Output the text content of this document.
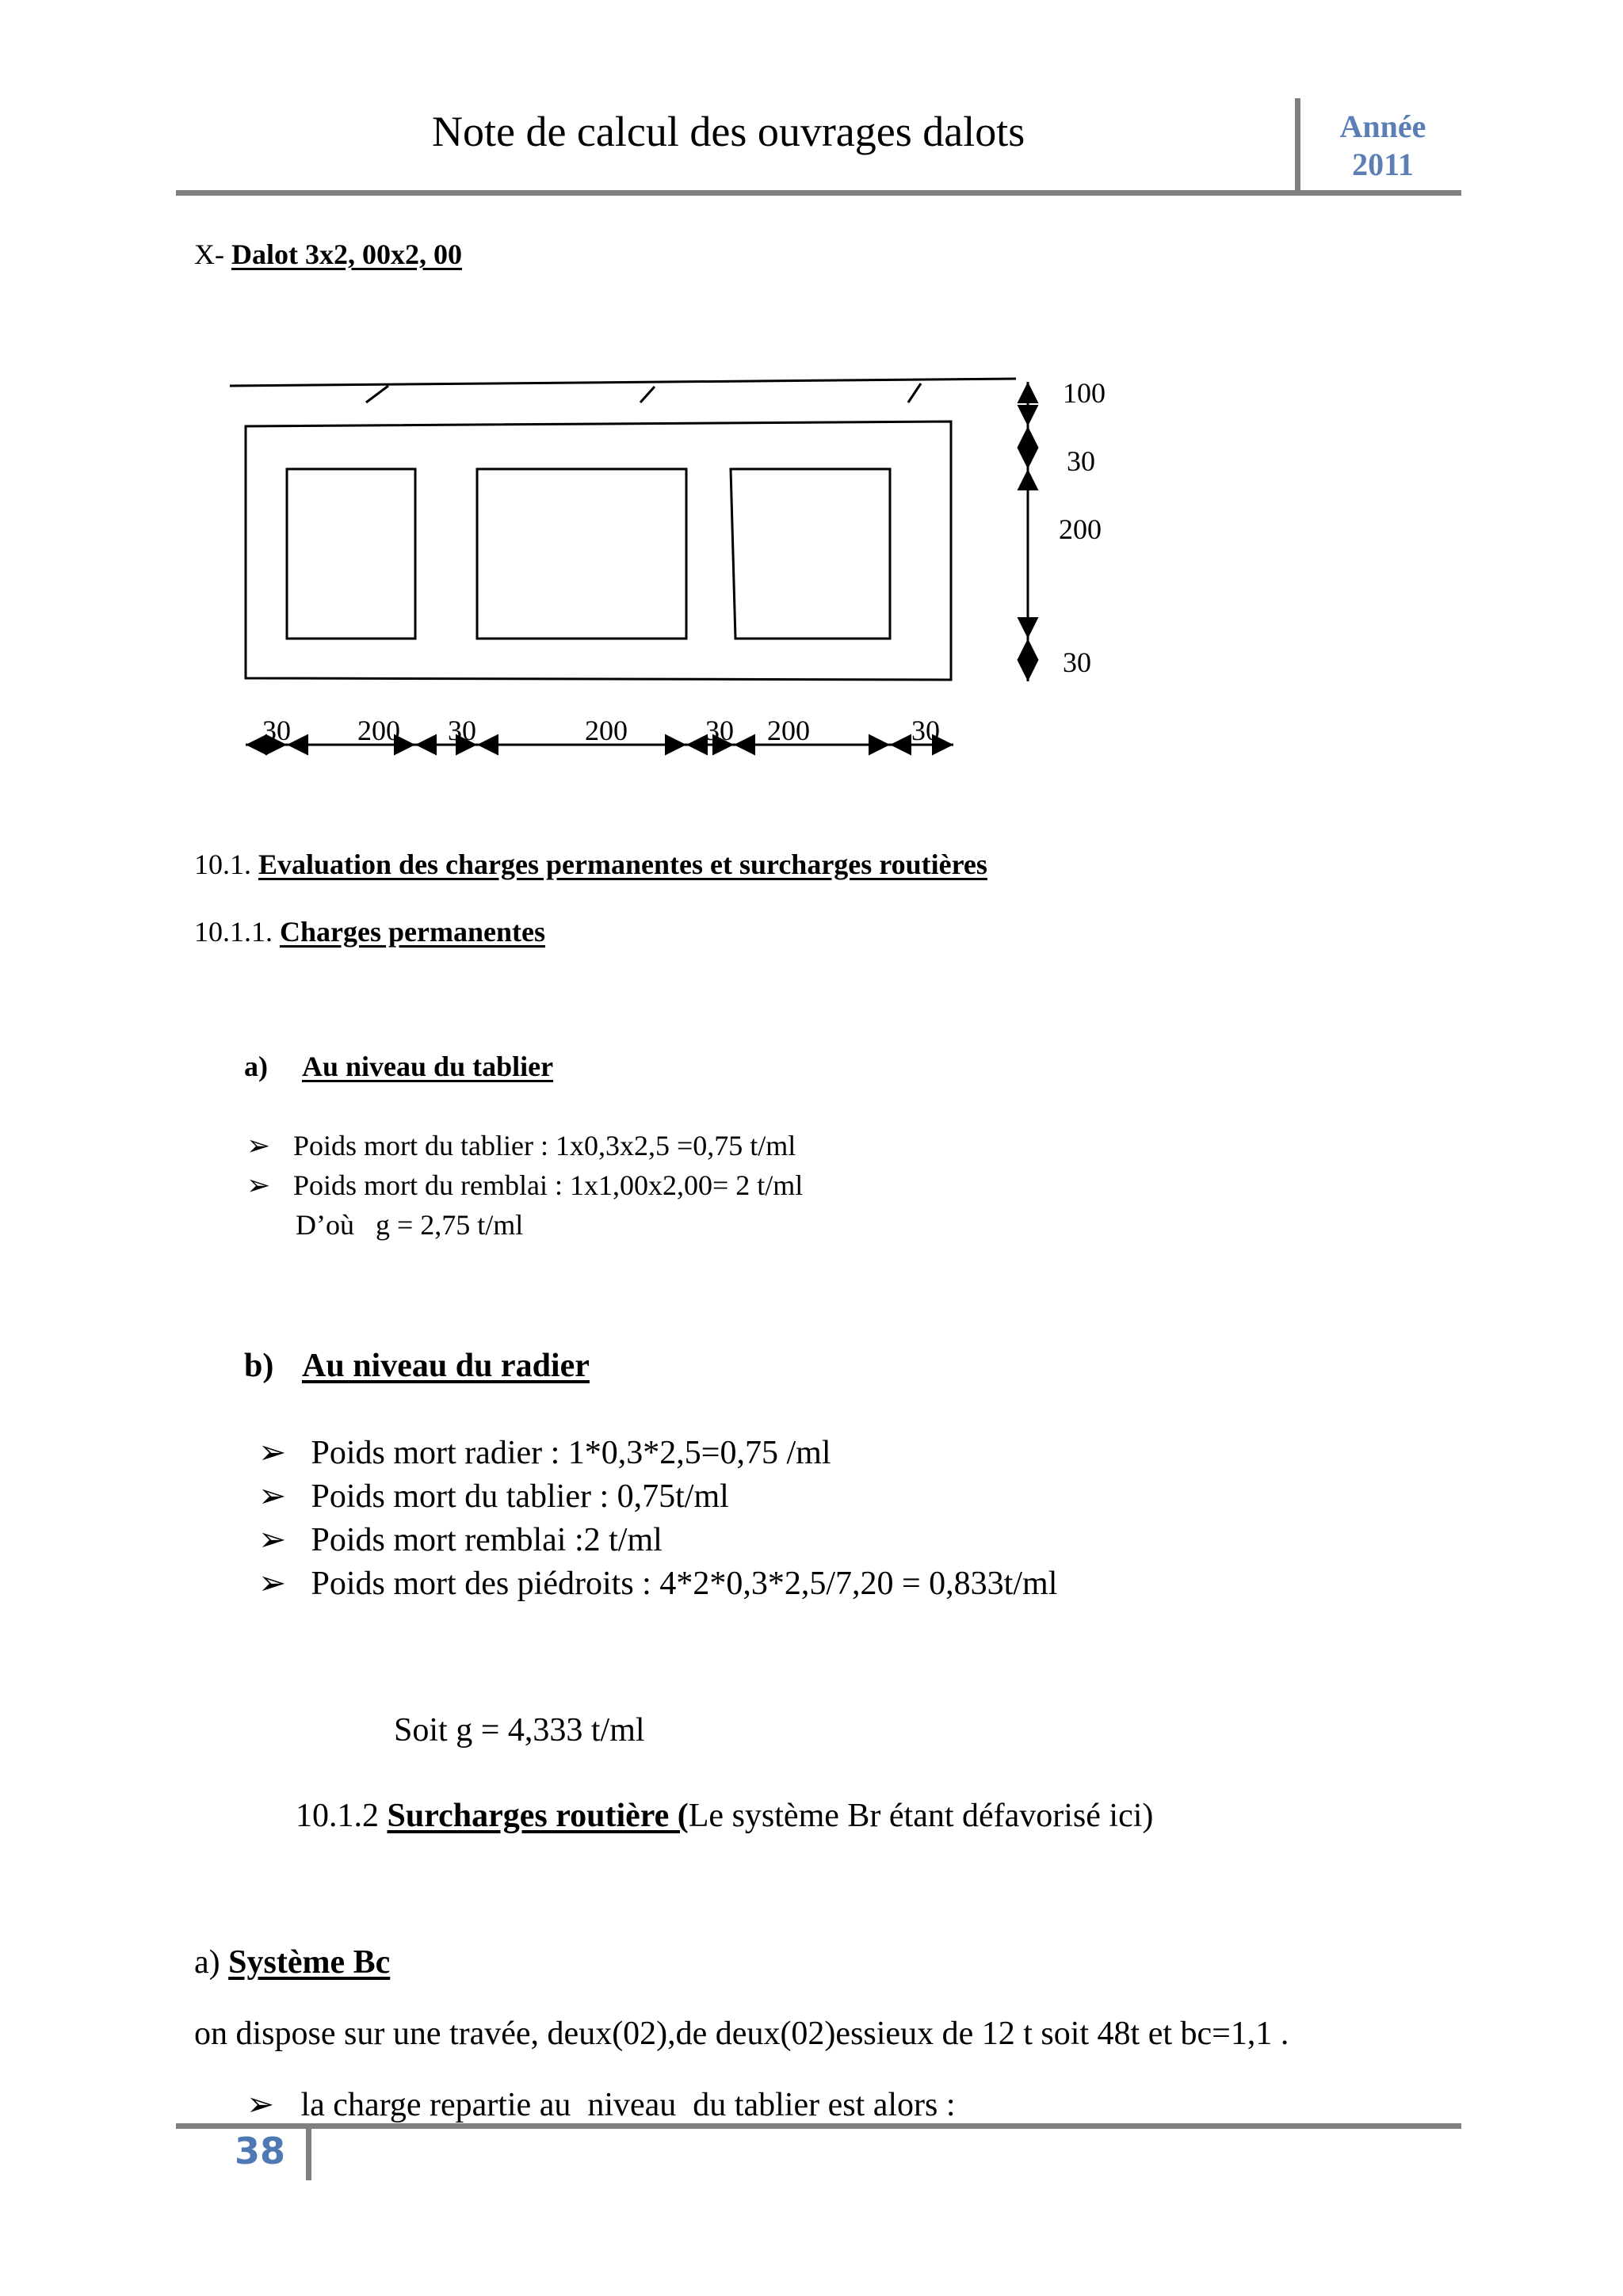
Note de calcul des ouvrages dalots	Année
2011
X- Dalot 3x2, 00x2, 00
100
30
200
30
30 200 30	200	30 200	30
10.1. Evaluation des charges permanentes et surcharges routières
10.1.1. Charges permanentes
a) Au niveau du tablier
➢ Poids mort du tablier : 1x0,3x2,5 =0,75 t/ml
➢ Poids mort du remblai : 1x1,00x2,00= 2 t/ml
D’où   g = 2,75 t/ml
b) Au niveau du radier
➢ Poids mort radier : 1*0,3*2,5=0,75 /ml
➢ Poids mort du tablier : 0,75t/ml
➢ Poids mort remblai :2 t/ml
➢ Poids mort des piédroits : 4*2*0,3*2,5/7,20 = 0,833t/ml
Soit g = 4,333 t/ml
10.1.2 Surcharges routière (Le système Br étant défavorisé ici)
a) Système Bc
on dispose sur une travée, deux(02),de deux(02)essieux de 12 t soit 48t et bc=1,1 .
➢ la charge repartie au  niveau  du tablier est alors :
38
